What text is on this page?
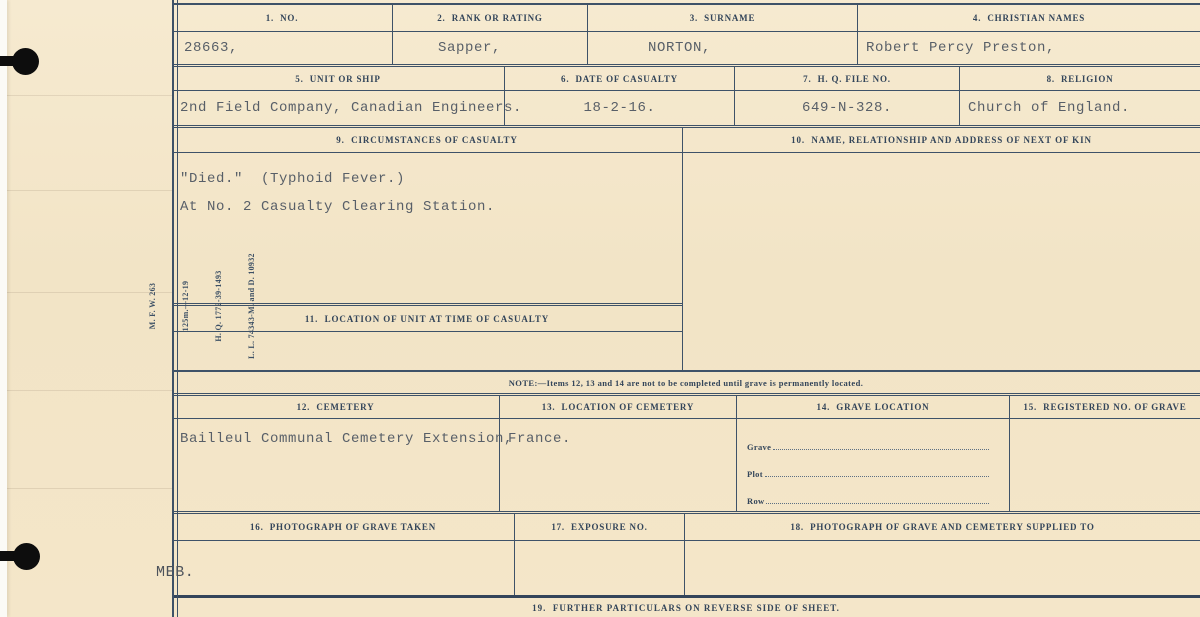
M. F. W. 263

	125m.—12-19

	H. Q. 1772-39-1493

	L. L. 74343-M. and D. 10932

1.  NO.
28663,
2.  RANK OR RATING
Sapper,
3.  SURNAME
NORTON,
4.  CHRISTIAN NAMES
Robert Percy Preston,
5.  UNIT OR SHIP
2nd Field Company, Canadian Engineers.
6.  DATE OF CASUALTY
18-2-16.
7.  H. Q. FILE NO.
649-N-328.
8.  RELIGION
Church of England.
9.  CIRCUMSTANCES OF CASUALTY
"Died."  (Typhoid Fever.)
At No. 2 Casualty Clearing Station.
11.  LOCATION OF UNIT AT TIME OF CASUALTY
10.  NAME, RELATIONSHIP AND ADDRESS OF NEXT OF KIN
NOTE:—Items 12, 13 and 14 are not to be completed until grave is permanently located.
12.  CEMETERY
Bailleul Communal Cemetery Extension,
13.  LOCATION OF CEMETERY
France.
14.  GRAVE LOCATION
Grave
Plot
Row
15.  REGISTERED NO. OF GRAVE
16.  PHOTOGRAPH OF GRAVE TAKEN	17.  EXPOSURE NO.	18.  PHOTOGRAPH OF GRAVE AND CEMETERY SUPPLIED TO
19.  FURTHER PARTICULARS ON REVERSE SIDE OF SHEET.
MEB.
